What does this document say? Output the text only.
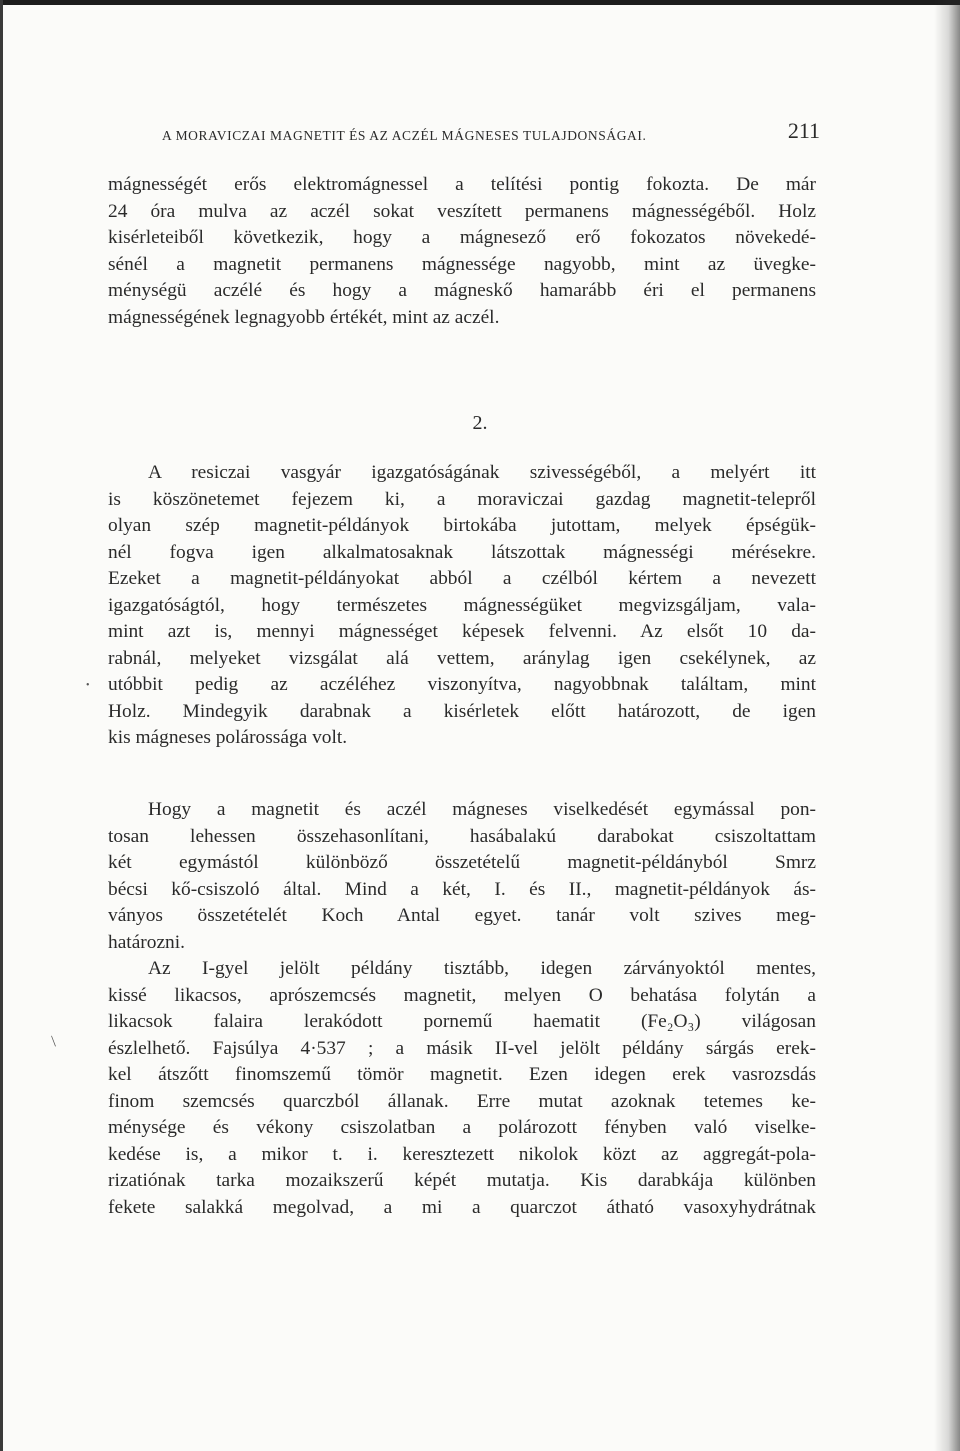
A MORAVICZAI MAGNETIT ÉS AZ ACZÉL MÁGNESES TULAJDONSÁGAI.	211
mágnességét erős elektromágnessel a telítési pontig fokozta. De már
24 óra mulva az aczél sokat veszített permanens mágnességéből. Holz
kisérleteiből következik, hogy a mágnesező erő fokozatos növekedé-
sénél a magnetit permanens mágnessége nagyobb, mint az üvegke-
ménységü aczélé és hogy a mágneskő hamarább éri el permanens
mágnességének legnagyobb értékét, mint az aczél.
2.
A resiczai vasgyár igazgatóságának szivességéből, a melyért itt
is köszönetemet fejezem ki, a moraviczai gazdag magnetit-telepről
olyan szép magnetit-példányok birtokába jutottam, melyek épségük-
nél fogva igen alkalmatosaknak látszottak mágnességi mérésekre.
Ezeket a magnetit-példányokat abból a czélból kértem a nevezett
igazgatóságtól, hogy természetes mágnességüket megvizsgáljam, vala-
mint azt is, mennyi mágnességet képesek felvenni. Az elsőt 10 da-
rabnál, melyeket vizsgálat alá vettem, aránylag igen csekélynek, az
utóbbit pedig az aczéléhez viszonyítva, nagyobbnak találtam, mint
Holz. Mindegyik darabnak a kisérletek előtt határozott, de igen
kis mágneses polárossága volt.
Hogy a magnetit és aczél mágneses viselkedését egymással pon-
tosan lehessen összehasonlítani, hasábalakú darabokat csiszoltattam
két egymástól különböző összetételű magnetit-példányból Smrz
bécsi kő-csiszoló által. Mind a két, I. és II., magnetit-példányok ás-
ványos összetételét Koch Antal egyet. tanár volt szives meg-
határozni.
Az I-gyel jelölt példány tisztább, idegen zárványoktól mentes,
kissé likacsos, aprószemcsés magnetit, melyen O behatása folytán a
likacsok falaira lerakódott pornemű haematit (Fe₂O₃) világosan
észlelhető. Fajsúlya 4·537 ; a másik II-vel jelölt példány sárgás erek-
kel átszőtt finomszemű tömör magnetit. Ezen idegen erek vasrozsdás
finom szemcsés quarczból állanak. Erre mutat azoknak tetemes ke-
ménysége és vékony csiszolatban a polározott fényben való viselke-
kedése is, a mikor t. i. keresztezett nikolok közt az aggregát-pola-
rizatiónak tarka mozaikszerű képét mutatja. Kis darabkája különben
fekete salakká megolvad, a mi a quarczot átható vasoxyhydrátnak
/
•
